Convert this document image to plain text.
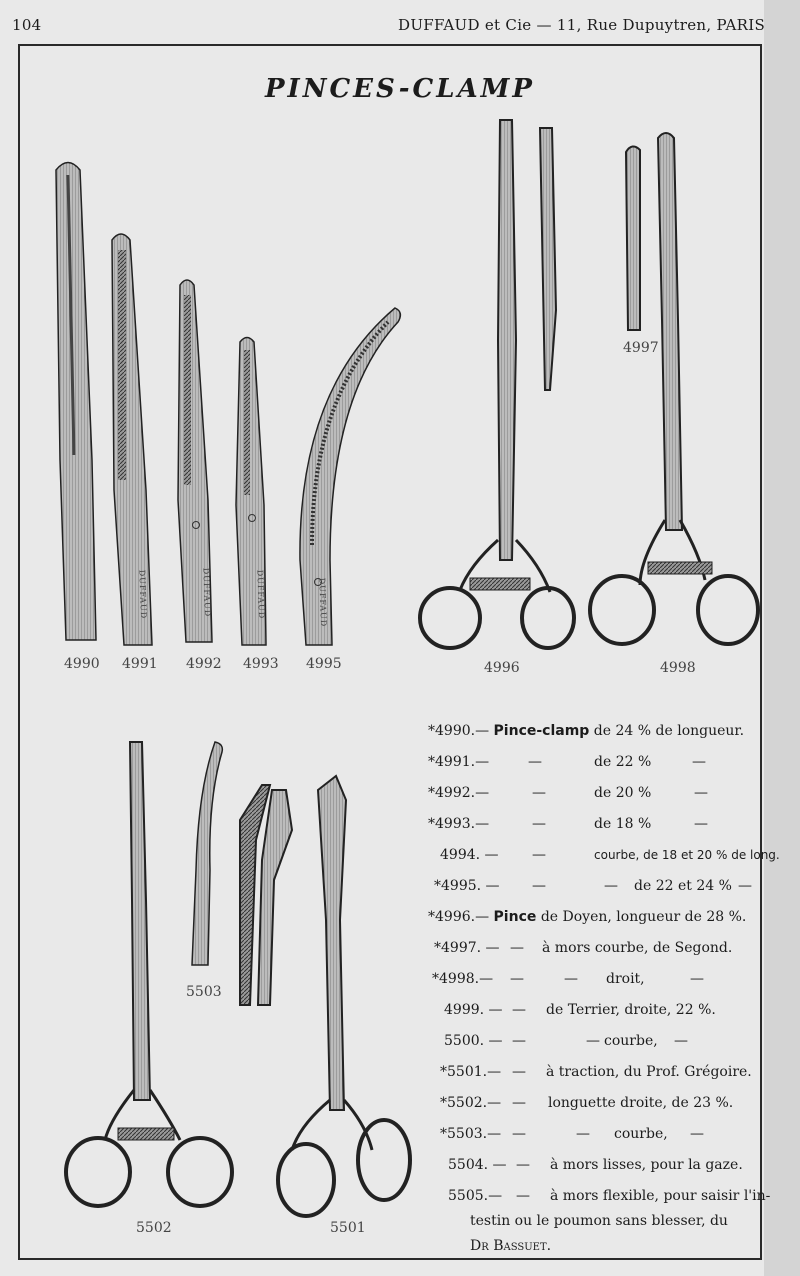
104	DUFFAUD et Cie — 11, Rue Dupuytren, PARIS
PINCES-CLAMP
DUFFAUD	DUFFAUD	DUFFAUD	DUFFAUD
4990 4991 4992 4993 4995	4996
4997
4998
5503
5502	5501
*4990.— Pince-clamp de 24 % de longueur.
*4991.—	—	de 22 %	—
*4992.—	—	de 20 %	—
*4993.—	—	de 18 %	—
4994. — —	courbe, de 18 et 20 % de long.
*4995. — —	— de 22 et 24 % —
*4996.— Pince de Doyen, longueur de 28 %.
*4997. — — à mors courbe, de Segond.
*4998.— —	— droit,	—
4999. — — de Terrier, droite, 22 %.
5500. — —	— courbe, —
*5501.— — à traction, du Prof. Grégoire.
*5502.— — longuette droite, de 23 %.
*5503.— —	— courbe, —
5504. — — à mors lisses, pour la gaze.
5505.— — à mors flexible, pour saisir l'in-
testin ou le poumon sans blesser, du
Dr Bassuet.
